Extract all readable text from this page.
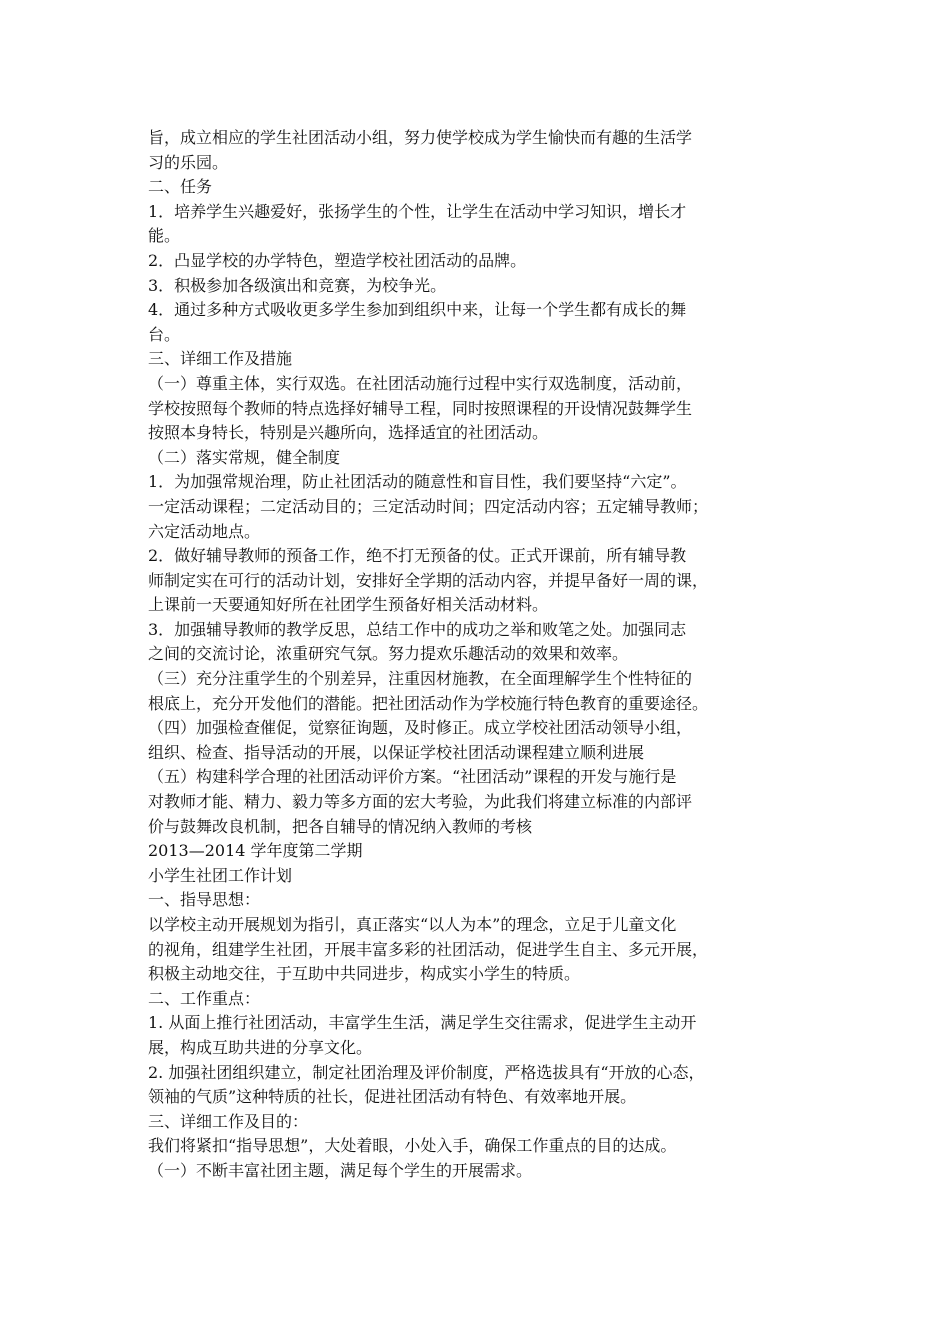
旨，成立相应的学生社团活动小组，努力使学校成为学生愉快而有趣的生活学
习的乐园。
二、任务
1．培养学生兴趣爱好，张扬学生的个性，让学生在活动中学习知识，增长才
能。
2．凸显学校的办学特色，塑造学校社团活动的品牌。
3．积极参加各级演出和竞赛，为校争光。
4．通过多种方式吸收更多学生参加到组织中来，让每一个学生都有成长的舞
台。
三、详细工作及措施
（一）尊重主体，实行双选。在社团活动施行过程中实行双选制度，活动前，
学校按照每个教师的特点选择好辅导工程，同时按照课程的开设情况鼓舞学生
按照本身特长，特别是兴趣所向，选择适宜的社团活动。
（二）落实常规，健全制度
1．为加强常规治理，防止社团活动的随意性和盲目性，我们要坚持“六定”。
一定活动课程；二定活动目的；三定活动时间；四定活动内容；五定辅导教师；
六定活动地点。
2．做好辅导教师的预备工作，绝不打无预备的仗。正式开课前，所有辅导教
师制定实在可行的活动计划，安排好全学期的活动内容，并提早备好一周的课，
上课前一天要通知好所在社团学生预备好相关活动材料。
3．加强辅导教师的教学反思，总结工作中的成功之举和败笔之处。加强同志
之间的交流讨论，浓重研究气氛。努力提欢乐趣活动的效果和效率。
（三）充分注重学生的个别差异，注重因材施教，在全面理解学生个性特征的
根底上，充分开发他们的潜能。把社团活动作为学校施行特色教育的重要途径。
（四）加强检查催促，觉察征询题，及时修正。成立学校社团活动领导小组，
组织、检查、指导活动的开展，以保证学校社团活动课程建立顺利进展
（五）构建科学合理的社团活动评价方案。“社团活动”课程的开发与施行是
对教师才能、精力、毅力等多方面的宏大考验，为此我们将建立标准的内部评
价与鼓舞改良机制，把各自辅导的情况纳入教师的考核
2013—2014 学年度第二学期
小学生社团工作计划
一、指导思想：
以学校主动开展规划为指引，真正落实“以人为本”的理念，立足于儿童文化
的视角，组建学生社团，开展丰富多彩的社团活动，促进学生自主、多元开展，
积极主动地交往，于互助中共同进步，构成实小学生的特质。
二、工作重点：
1. 从面上推行社团活动，丰富学生生活，满足学生交往需求，促进学生主动开
展，构成互助共进的分享文化。
2. 加强社团组织建立，制定社团治理及评价制度，严格选拔具有“开放的心态，
领袖的气质”这种特质的社长，促进社团活动有特色、有效率地开展。
三、详细工作及目的：
我们将紧扣“指导思想”，大处着眼，小处入手，确保工作重点的目的达成。
（一）不断丰富社团主题，满足每个学生的开展需求。
